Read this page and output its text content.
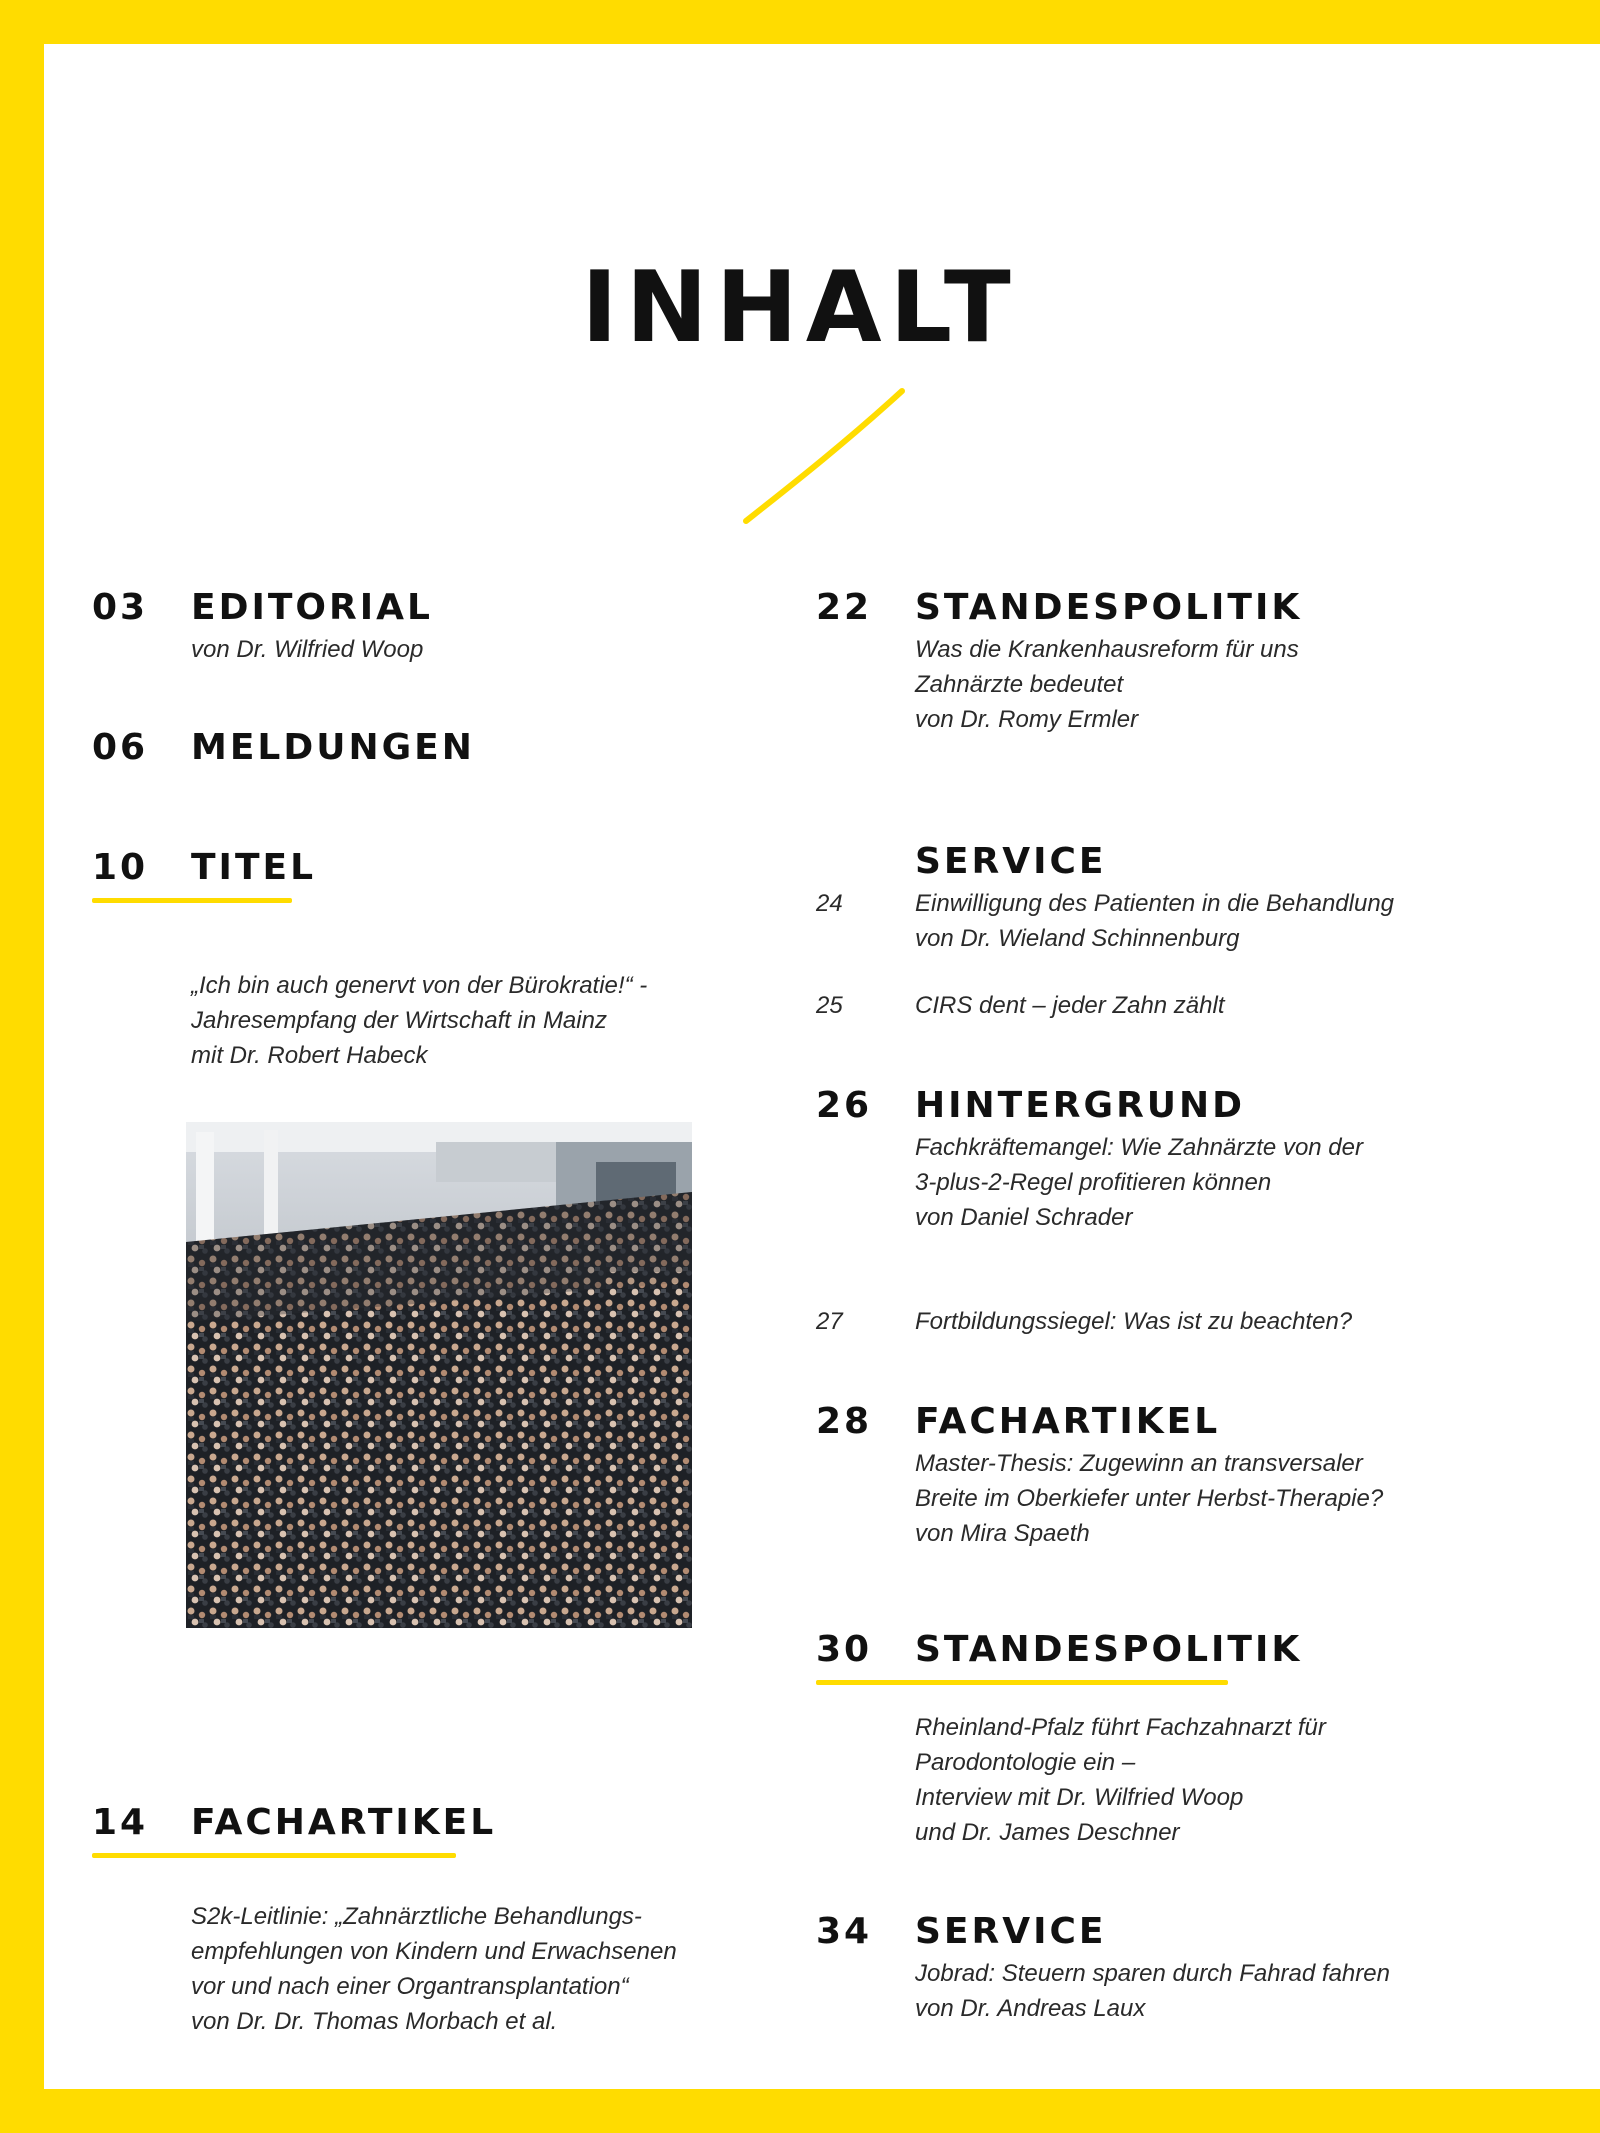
INHALT
03 EDITORIAL
von Dr. Wilfried Woop
06 MELDUNGEN
10 TITEL
„Ich bin auch genervt von der Bürokratie!“ -
Jahresempfang der Wirtschaft in Mainz
mit Dr. Robert Habeck
14 FACHARTIKEL
S2k-Leitlinie: „Zahnärztliche Behandlungs-
empfehlungen von Kindern und Erwachsenen
vor und nach einer Organtransplantation“
von Dr. Dr. Thomas Morbach et al.
22 STANDESPOLITIK
Was die Krankenhausreform für uns
Zahnärzte bedeutet
von Dr. Romy Ermler
SERVICE
24	Einwilligung des Patienten in die Behandlung
von Dr. Wieland Schinnenburg
25	CIRS dent – jeder Zahn zählt
26 HINTERGRUND
Fachkräftemangel: Wie Zahnärzte von der
3-plus-2-Regel profitieren können
von Daniel Schrader
27	Fortbildungssiegel: Was ist zu beachten?
28 FACHARTIKEL
Master-Thesis: Zugewinn an transversaler
Breite im Oberkiefer unter Herbst-Therapie?
von Mira Spaeth
30 STANDESPOLITIK
Rheinland-Pfalz führt Fachzahnarzt für
Parodontologie ein –
Interview mit Dr. Wilfried Woop
und Dr. James Deschner
34 SERVICE
Jobrad: Steuern sparen durch Fahrad fahren
von Dr. Andreas Laux
